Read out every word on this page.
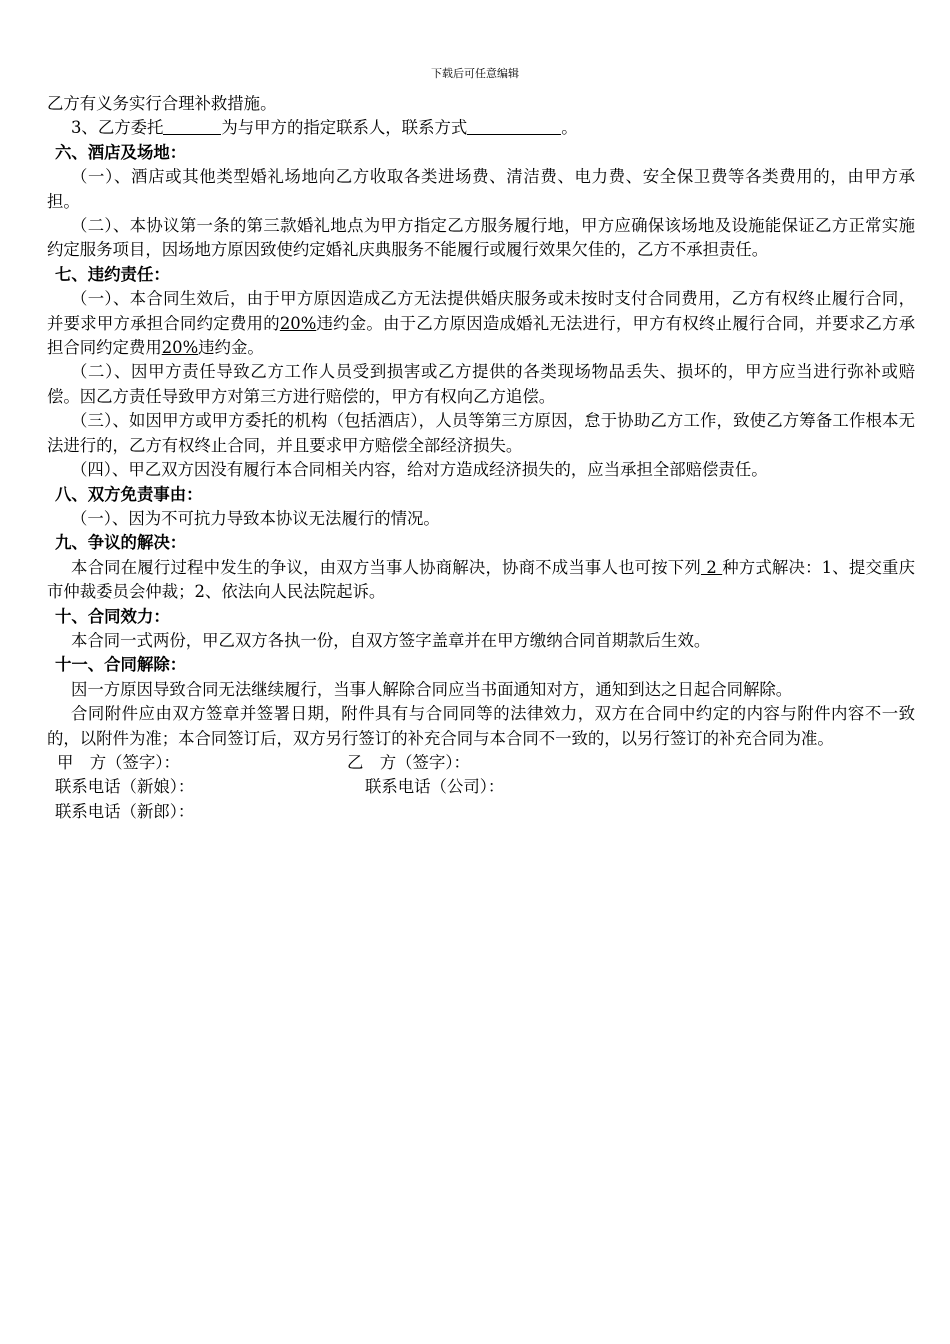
下载后可任意编辑

乙方有义务实行合理补救措施。

3、乙方委托	为与甲方的指定联系人，联系方式	。

六、酒店及场地：

（一）、酒店或其他类型婚礼场地向乙方收取各类进场费、清洁费、电力费、安全保卫费等各类费用的，由甲方承担。

（二）、本协议第一条的第三款婚礼地点为甲方指定乙方服务履行地，甲方应确保该场地及设施能保证乙方正常实施约定服务项目，因场地方原因致使约定婚礼庆典服务不能履行或履行效果欠佳的，乙方不承担责任。

七、违约责任：

（一）、本合同生效后，由于甲方原因造成乙方无法提供婚庆服务或未按时支付合同费用，乙方有权终止履行合同，并要求甲方承担合同约定费用的20%违约金。由于乙方原因造成婚礼无法进行，甲方有权终止履行合同，并要求乙方承担合同约定费用20%违约金。

（二）、因甲方责任导致乙方工作人员受到损害或乙方提供的各类现场物品丢失、损坏的，甲方应当进行弥补或赔偿。因乙方责任导致甲方对第三方进行赔偿的，甲方有权向乙方追偿。

（三）、如因甲方或甲方委托的机构（包括酒店），人员等第三方原因，怠于协助乙方工作，致使乙方筹备工作根本无法进行的，乙方有权终止合同，并且要求甲方赔偿全部经济损失。

（四）、甲乙双方因没有履行本合同相关内容，给对方造成经济损失的，应当承担全部赔偿责任。

八、双方免责事由：

（一）、因为不可抗力导致本协议无法履行的情况。

九、争议的解决：

本合同在履行过程中发生的争议，由双方当事人协商解决，协商不成当事人也可按下列 2 种方式解决：1、提交重庆市仲裁委员会仲裁；2、依法向人民法院起诉。

十、合同效力：

本合同一式两份，甲乙双方各执一份，自双方签字盖章并在甲方缴纳合同首期款后生效。

十一、合同解除：

因一方原因导致合同无法继续履行，当事人解除合同应当书面通知对方，通知到达之日起合同解除。

合同附件应由双方签章并签署日期，附件具有与合同同等的法律效力，双方在合同中约定的内容与附件内容不一致的，以附件为准；本合同签订后，双方另行签订的补充合同与本合同不一致的，以另行签订的补充合同为准。

甲　方（签字）：	乙　方（签字）：
联系电话（新娘）：	联系电话（公司）：
联系电话（新郎）：
